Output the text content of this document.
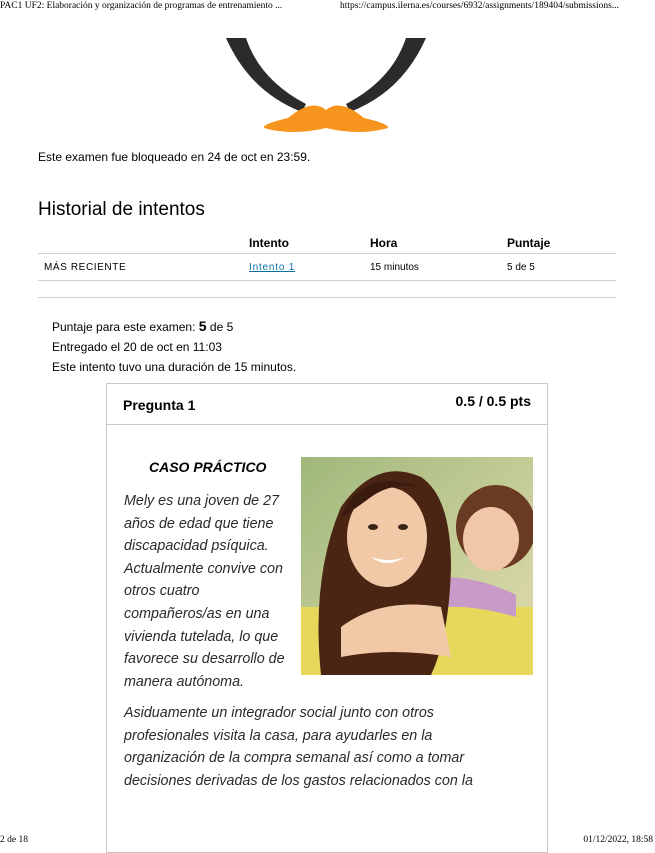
PAC1 UF2: Elaboración y organización de programas de entrenamiento ...	https://campus.ilerna.es/courses/6932/assignments/189404/submissions...
Este examen fue bloqueado en 24 de oct en 23:59.
Historial de intentos
	Intento	Hora	Puntaje
MÁS RECIENTE	Intento 1	15 minutos	5 de 5
Puntaje para este examen: 5 de 5
Entregado el 20 de oct en 11:03
Este intento tuvo una duración de 15 minutos.
Pregunta 1	0.5 / 0.5 pts
CASO PRÁCTICO
Mely es una joven de 27
años de edad que tiene
discapacidad psíquica.
Actualmente convive con
otros cuatro
compañeros/as en una
vivienda tutelada, lo que
favorece su desarrollo de
manera autónoma.
Asiduamente un integrador social junto con otros
profesionales visita la casa, para ayudarles en la
organización de la compra semanal así como a tomar
decisiones derivadas de los gastos relacionados con la
2 de 18	01/12/2022, 18:58
